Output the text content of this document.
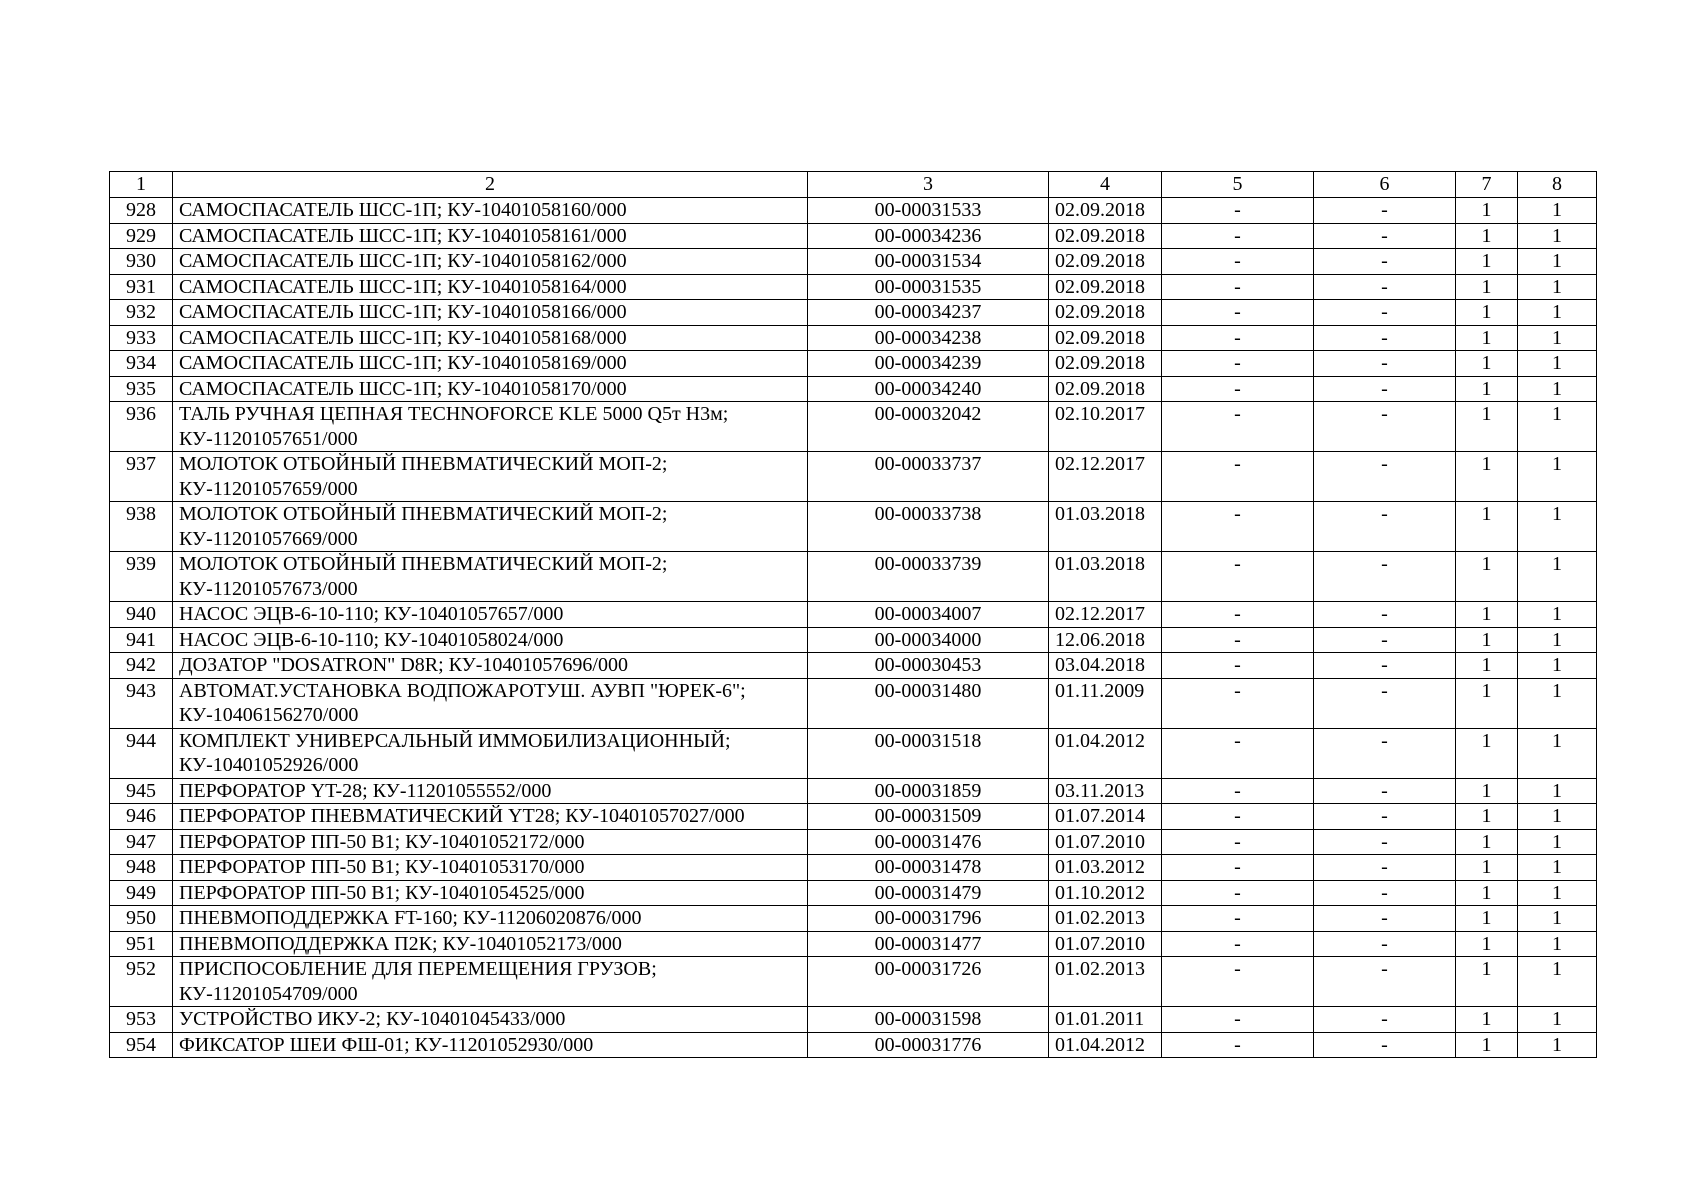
1	2	3	4	5	6	7	8
928	САМОСПАСАТЕЛЬ ШСС-1П; КУ-10401058160/000	00-00031533	02.09.2018	-	-	1	1
929	САМОСПАСАТЕЛЬ ШСС-1П; КУ-10401058161/000	00-00034236	02.09.2018	-	-	1	1
930	САМОСПАСАТЕЛЬ ШСС-1П; КУ-10401058162/000	00-00031534	02.09.2018	-	-	1	1
931	САМОСПАСАТЕЛЬ ШСС-1П; КУ-10401058164/000	00-00031535	02.09.2018	-	-	1	1
932	САМОСПАСАТЕЛЬ ШСС-1П; КУ-10401058166/000	00-00034237	02.09.2018	-	-	1	1
933	САМОСПАСАТЕЛЬ ШСС-1П; КУ-10401058168/000	00-00034238	02.09.2018	-	-	1	1
934	САМОСПАСАТЕЛЬ ШСС-1П; КУ-10401058169/000	00-00034239	02.09.2018	-	-	1	1
935	САМОСПАСАТЕЛЬ ШСС-1П; КУ-10401058170/000	00-00034240	02.09.2018	-	-	1	1
936	ТАЛЬ РУЧНАЯ ЦЕПНАЯ TECHNOFORCE KLE 5000 Q5т Н3м; КУ-11201057651/000	00-00032042	02.10.2017	-	-	1	1
937	МОЛОТОК ОТБОЙНЫЙ ПНЕВМАТИЧЕСКИЙ МОП-2; КУ-11201057659/000	00-00033737	02.12.2017	-	-	1	1
938	МОЛОТОК ОТБОЙНЫЙ ПНЕВМАТИЧЕСКИЙ МОП-2; КУ-11201057669/000	00-00033738	01.03.2018	-	-	1	1
939	МОЛОТОК ОТБОЙНЫЙ ПНЕВМАТИЧЕСКИЙ МОП-2; КУ-11201057673/000	00-00033739	01.03.2018	-	-	1	1
940	НАСОС ЭЦВ-6-10-110; КУ-10401057657/000	00-00034007	02.12.2017	-	-	1	1
941	НАСОС ЭЦВ-6-10-110; КУ-10401058024/000	00-00034000	12.06.2018	-	-	1	1
942	ДОЗАТОР "DOSATRON" D8R; КУ-10401057696/000	00-00030453	03.04.2018	-	-	1	1
943	АВТОМАТ.УСТАНОВКА ВОДПОЖАРОТУШ. АУВП "ЮРЕК-6"; КУ-10406156270/000	00-00031480	01.11.2009	-	-	1	1
944	КОМПЛЕКТ УНИВЕРСАЛЬНЫЙ ИММОБИЛИЗАЦИОННЫЙ; КУ-10401052926/000	00-00031518	01.04.2012	-	-	1	1
945	ПЕРФОРАТОР YT-28; КУ-11201055552/000	00-00031859	03.11.2013	-	-	1	1
946	ПЕРФОРАТОР ПНЕВМАТИЧЕСКИЙ YT28; КУ-10401057027/000	00-00031509	01.07.2014	-	-	1	1
947	ПЕРФОРАТОР ПП-50 В1; КУ-10401052172/000	00-00031476	01.07.2010	-	-	1	1
948	ПЕРФОРАТОР ПП-50 В1; КУ-10401053170/000	00-00031478	01.03.2012	-	-	1	1
949	ПЕРФОРАТОР ПП-50 В1; КУ-10401054525/000	00-00031479	01.10.2012	-	-	1	1
950	ПНЕВМОПОДДЕРЖКА FT-160; КУ-11206020876/000	00-00031796	01.02.2013	-	-	1	1
951	ПНЕВМОПОДДЕРЖКА П2К; КУ-10401052173/000	00-00031477	01.07.2010	-	-	1	1
952	ПРИСПОСОБЛЕНИЕ ДЛЯ ПЕРЕМЕЩЕНИЯ ГРУЗОВ; КУ-11201054709/000	00-00031726	01.02.2013	-	-	1	1
953	УСТРОЙСТВО ИКУ-2; КУ-10401045433/000	00-00031598	01.01.2011	-	-	1	1
954	ФИКСАТОР ШЕИ ФШ-01; КУ-11201052930/000	00-00031776	01.04.2012	-	-	1	1
